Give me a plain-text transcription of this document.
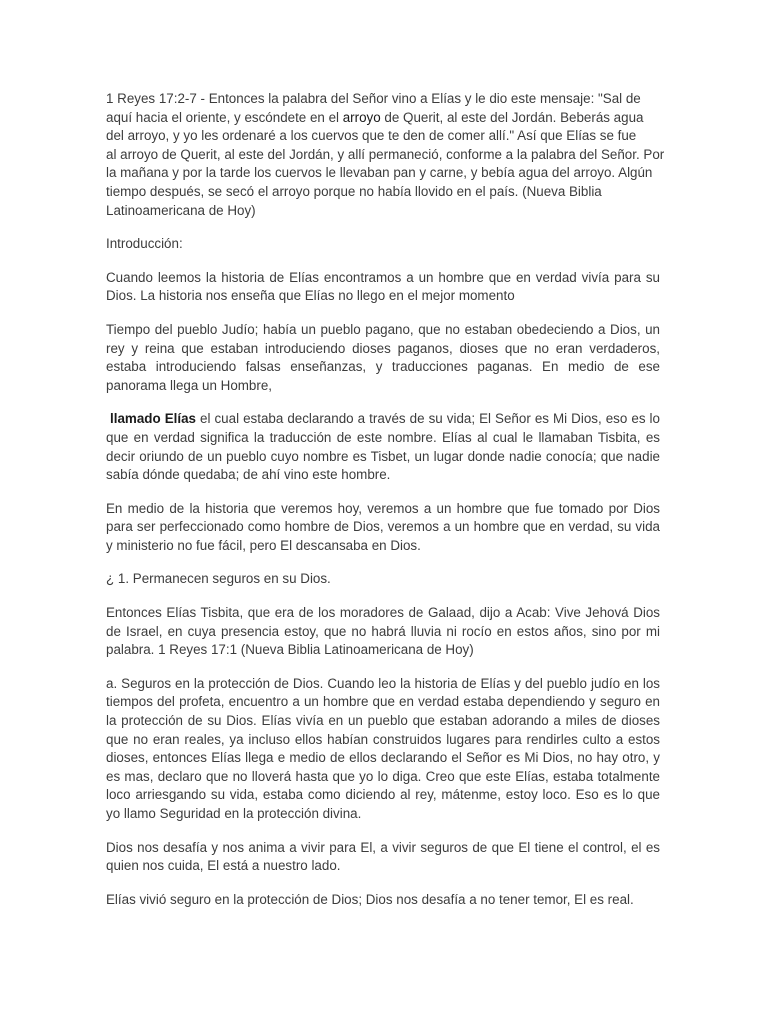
1 Reyes 17:2-7 - Entonces la palabra del Señor vino a Elías y le dio este mensaje: "Sal de
aquí hacia el oriente, y escóndete en el arroyo de Querit, al este del Jordán. Beberás agua
del arroyo, y yo les ordenaré a los cuervos que te den de comer allí." Así que Elías se fue
al arroyo de Querit, al este del Jordán, y allí permaneció, conforme a la palabra del Señor. Por
la mañana y por la tarde los cuervos le llevaban pan y carne, y bebía agua del arroyo. Algún
tiempo después, se secó el arroyo porque no había llovido en el país. (Nueva Biblia
Latinoamericana de Hoy)

Introducción:

Cuando leemos la historia de Elías encontramos a un hombre que en verdad vivía para su Dios. La historia nos enseña que Elías no llego en el mejor momento

Tiempo del pueblo Judío; había un pueblo pagano, que no estaban obedeciendo a Dios, un rey y reina que estaban introduciendo dioses paganos, dioses que no eran verdaderos, estaba introduciendo falsas enseñanzas, y traducciones paganas. En medio de ese panorama llega un Hombre,

llamado Elías el cual estaba declarando a través de su vida; El Señor es Mi Dios, eso es lo que en verdad significa la traducción de este nombre. Elías al cual le llamaban Tisbita, es decir oriundo de un pueblo cuyo nombre es Tisbet, un lugar donde nadie conocía; que nadie sabía dónde quedaba; de ahí vino este hombre.

En medio de la historia que veremos hoy, veremos a un hombre que fue tomado por Dios para ser perfeccionado como hombre de Dios, veremos a un hombre que en verdad, su vida y ministerio no fue fácil, pero El descansaba en Dios.

¿ 1. Permanecen seguros en su Dios.

Entonces Elías Tisbita, que era de los moradores de Galaad, dijo a Acab: Vive Jehová Dios de Israel, en cuya presencia estoy, que no habrá lluvia ni rocío en estos años, sino por mi palabra. 1 Reyes 17:1 (Nueva Biblia Latinoamericana de Hoy)

a. Seguros en la protección de Dios. Cuando leo la historia de Elías y del pueblo judío en los tiempos del profeta, encuentro a un hombre que en verdad estaba dependiendo y seguro en la protección de su Dios. Elías vivía en un pueblo que estaban adorando a miles de dioses que no eran reales, ya incluso ellos habían construidos lugares para rendirles culto a estos dioses, entonces Elías llega e medio de ellos declarando el Señor es Mi Dios, no hay otro, y es mas, declaro que no lloverá hasta que yo lo diga. Creo que este Elías, estaba totalmente loco arriesgando su vida, estaba como diciendo al rey, mátenme, estoy loco. Eso es lo que yo llamo Seguridad en la protección divina.

Dios nos desafía y nos anima a vivir para El, a vivir seguros de que El tiene el control, el es quien nos cuida, El está a nuestro lado.

Elías vivió seguro en la protección de Dios; Dios nos desafía a no tener temor, El es real.
